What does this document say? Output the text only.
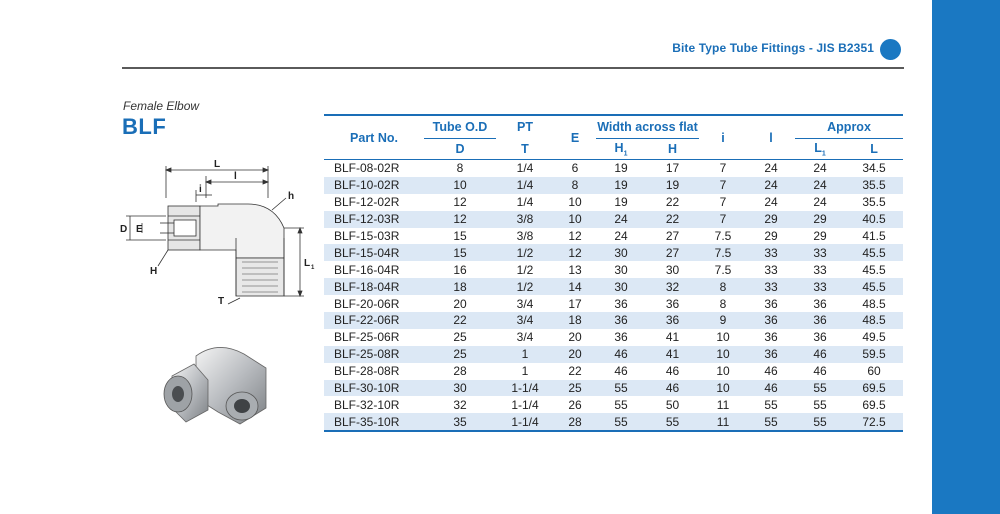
Bite Type Tube Fittings - JIS B2351
Female Elbow
BLF
L
l
i
h
D E
H
T
L 1
Part No.	Tube O.D	PT	E	Width across flat		i	l	Approx	
	D	T		$H_1$	H			$L_1$	L
BLF-08-02R	8	1/4	6	19	17	7	24	24	34.5
BLF-10-02R	10	1/4	8	19	19	7	24	24	35.5
BLF-12-02R	12	1/4	10	19	22	7	24	24	35.5
BLF-12-03R	12	3/8	10	24	22	7	29	29	40.5
BLF-15-03R	15	3/8	12	24	27	7.5	29	29	41.5
BLF-15-04R	15	1/2	12	30	27	7.5	33	33	45.5
BLF-16-04R	16	1/2	13	30	30	7.5	33	33	45.5
BLF-18-04R	18	1/2	14	30	32	8	33	33	45.5
BLF-20-06R	20	3/4	17	36	36	8	36	36	48.5
BLF-22-06R	22	3/4	18	36	36	9	36	36	48.5
BLF-25-06R	25	3/4	20	36	41	10	36	36	49.5
BLF-25-08R	25	1	20	46	41	10	36	46	59.5
BLF-28-08R	28	1	22	46	46	10	46	46	60
BLF-30-10R	30	1-1/4	25	55	46	10	46	55	69.5
BLF-32-10R	32	1-1/4	26	55	50	11	55	55	69.5
BLF-35-10R	35	1-1/4	28	55	55	11	55	55	72.5
